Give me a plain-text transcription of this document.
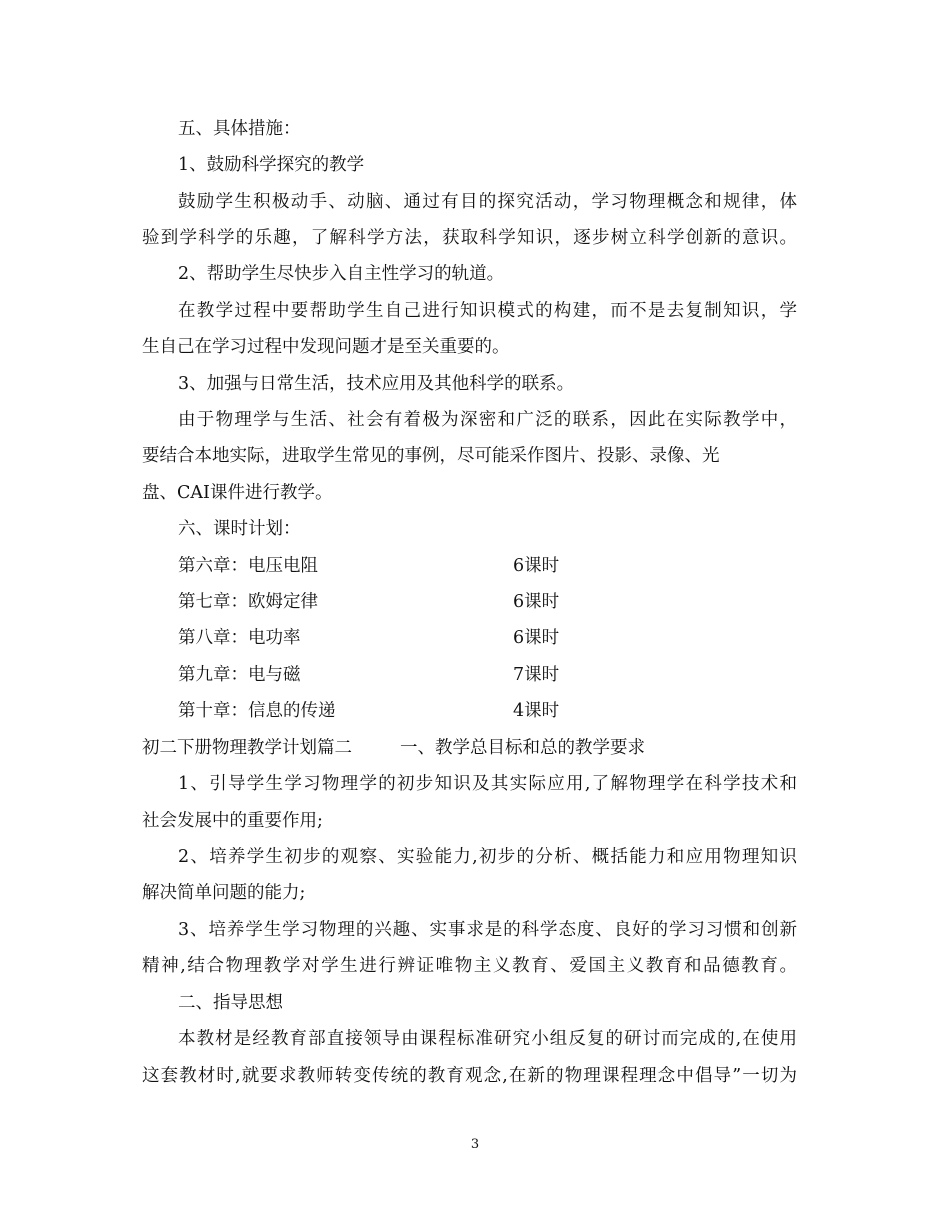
五、具体措施：
1、鼓励科学探究的教学
鼓励学生积极动手、动脑、通过有目的探究活动，学习物理概念和规律，体
验到学科学的乐趣，了解科学方法，获取科学知识，逐步树立科学创新的意识。
2、帮助学生尽快步入自主性学习的轨道。
在教学过程中要帮助学生自己进行知识模式的构建，而不是去复制知识，学
生自己在学习过程中发现问题才是至关重要的。
3、加强与日常生活，技术应用及其他科学的联系。
由于物理学与生活、社会有着极为深密和广泛的联系，因此在实际教学中，
要结合本地实际，进取学生常见的事例，尽可能采作图片、投影、录像、光
盘、CAI课件进行教学。
六、课时计划：
第六章：电压电阻	6课时
第七章：欧姆定律	6课时
第八章：电功率	6课时
第九章：电与磁	7课时
第十章：信息的传递	4课时
初二下册物理教学计划篇二	一、教学总目标和总的教学要求
1、引导学生学习物理学的初步知识及其实际应用,了解物理学在科学技术和
社会发展中的重要作用;
2、培养学生初步的观察、实验能力,初步的分析、概括能力和应用物理知识
解决简单问题的能力;
3、培养学生学习物理的兴趣、实事求是的科学态度、良好的学习习惯和创新
精神,结合物理教学对学生进行辨证唯物主义教育、爱国主义教育和品德教育。
二、指导思想
本教材是经教育部直接领导由课程标准研究小组反复的研讨而完成的,在使用
这套教材时,就要求教师转变传统的教育观念,在新的物理课程理念中倡导”一切为
3
